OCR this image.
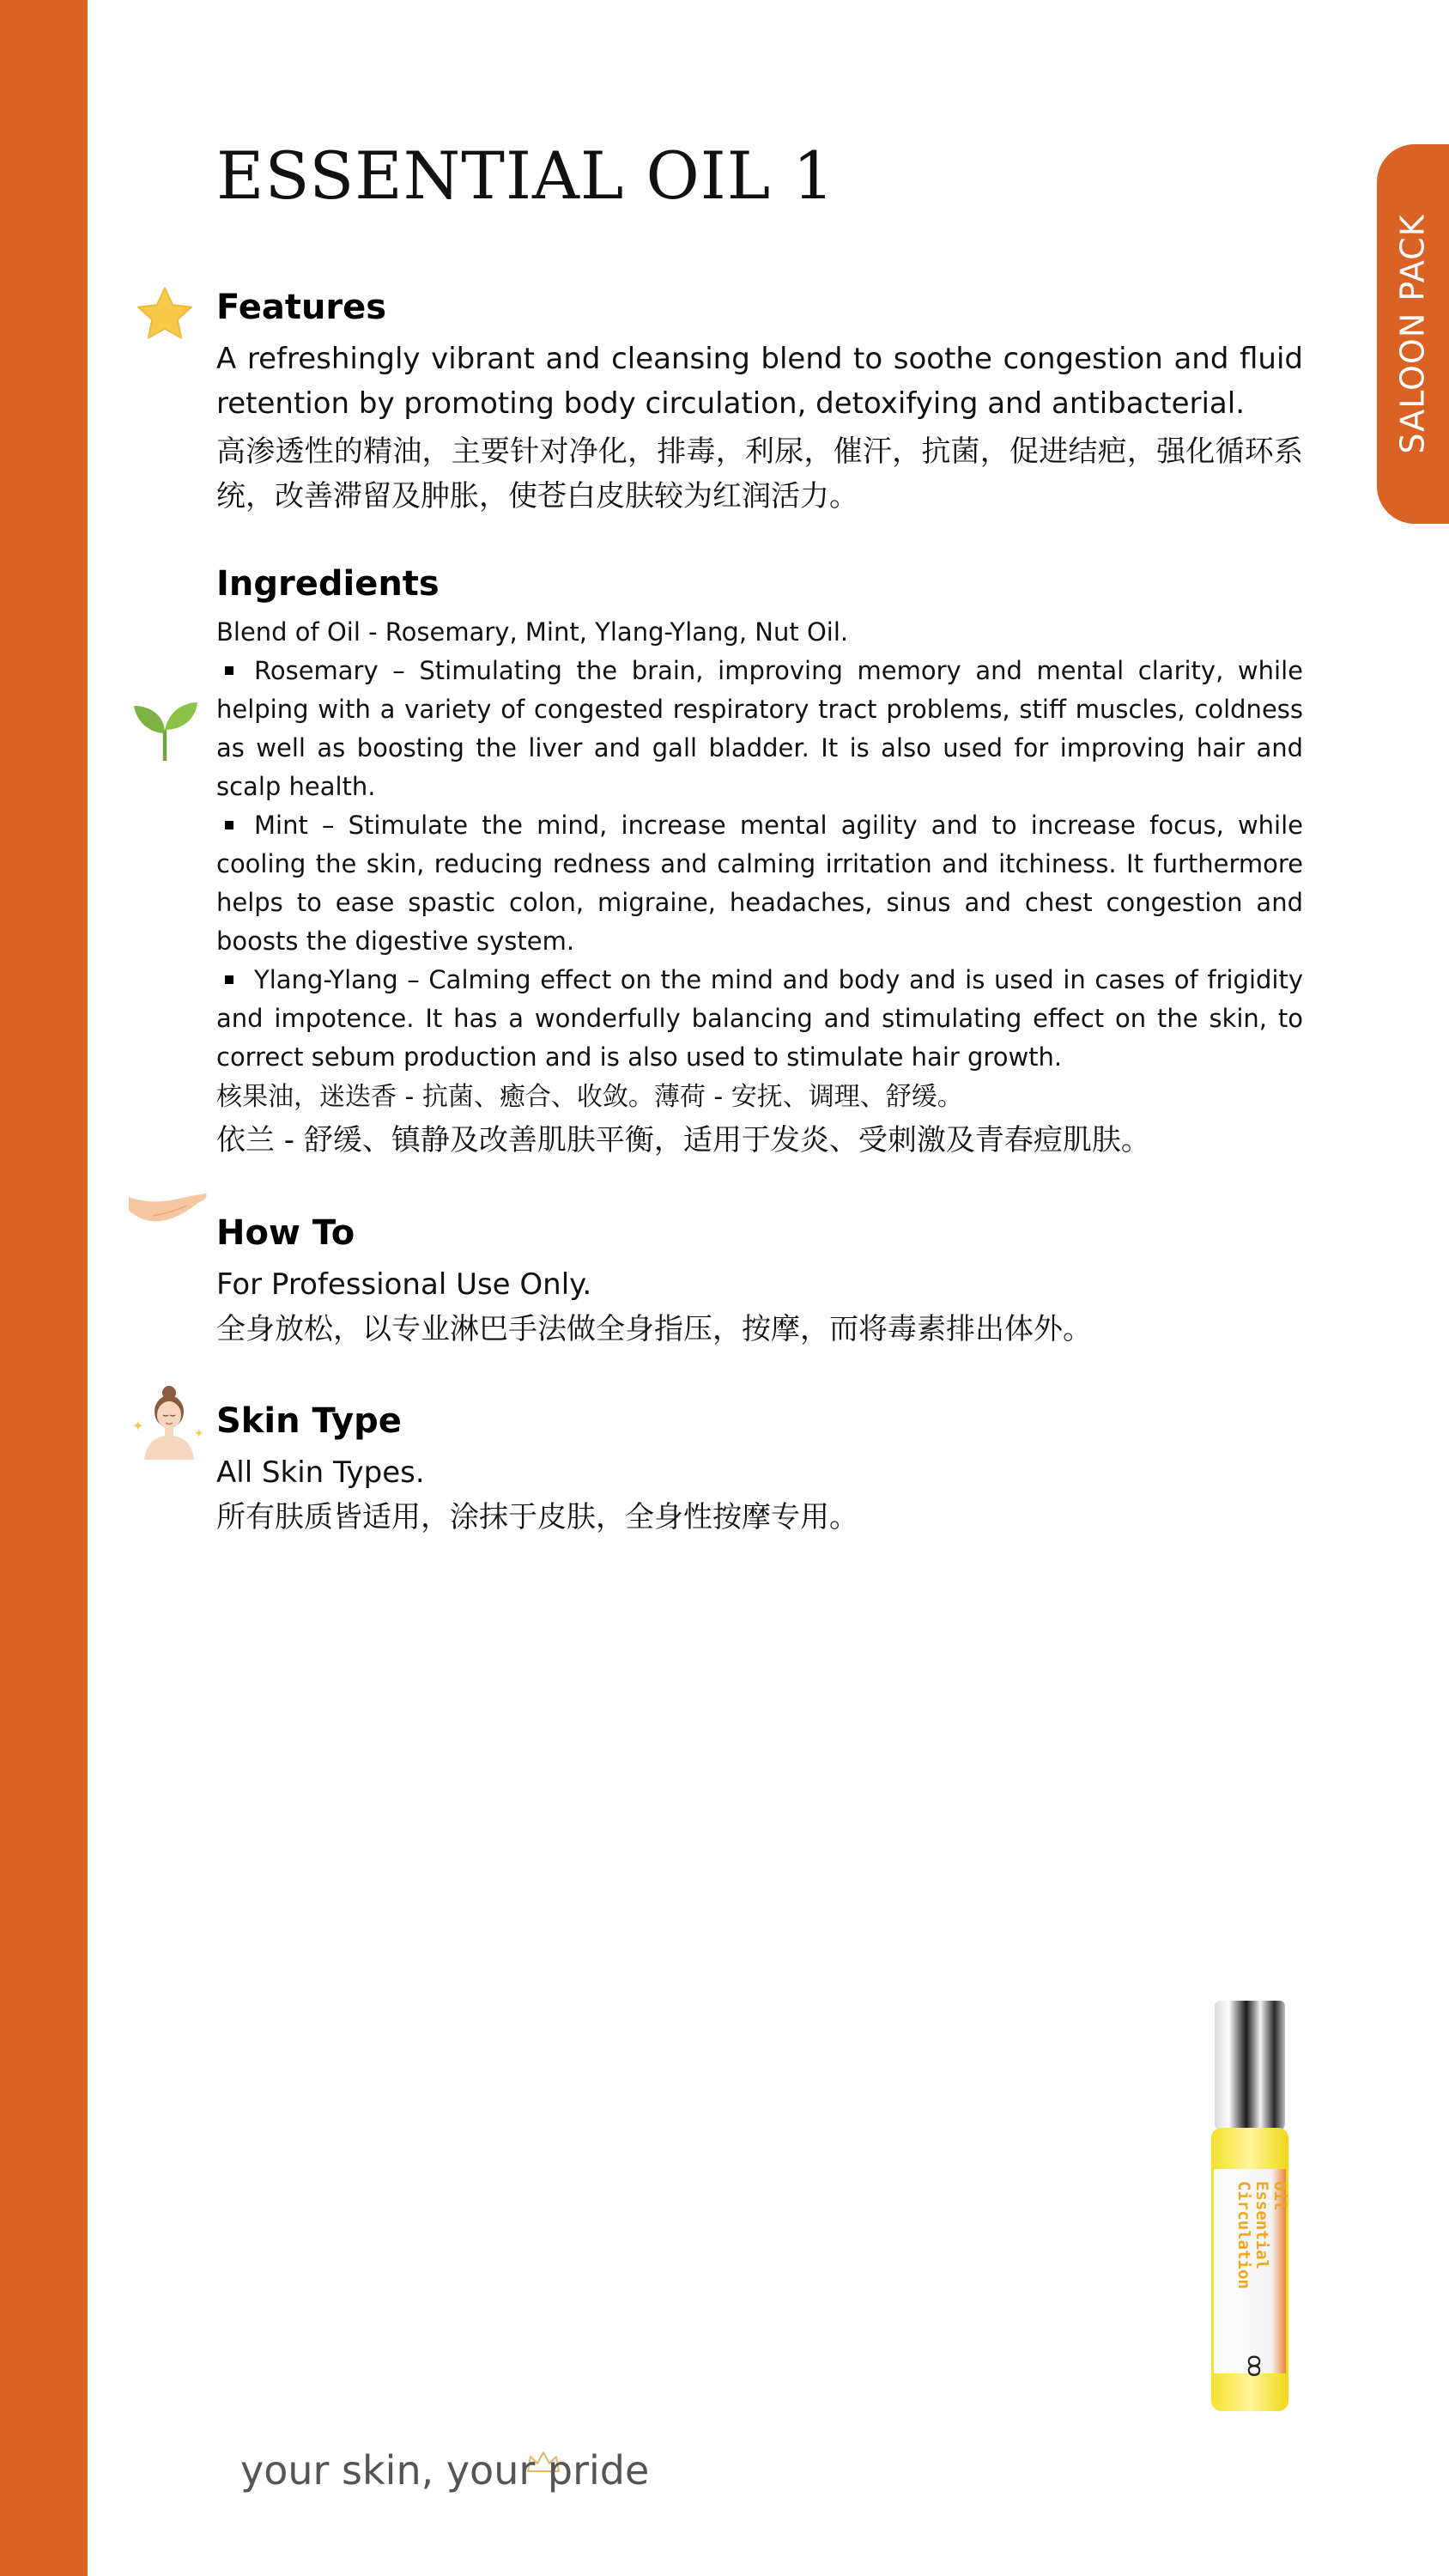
SALOON PACK
ESSENTIAL OIL 1
Features

A refreshingly vibrant and cleansing blend to soothe congestion and fluid retention by promoting body circulation, detoxifying and antibacterial.

高渗透性的精油，主要针对净化，排毒，利尿，催汗，抗菌，促进结疤，强化循环系统，改善滞留及肿胀，使苍白皮肤较为红润活力。

Ingredients

Blend of Oil - Rosemary, Mint, Ylang-Ylang, Nut Oil.

Rosemary – Stimulating the brain, improving memory and mental clarity, while helping with a variety of congested respiratory tract problems, stiff muscles, coldness as well as boosting the liver and gall bladder. It is also used for improving hair and scalp health.

Mint – Stimulate the mind, increase mental agility and to increase focus, while cooling the skin, reducing redness and calming irritation and itchiness. It furthermore helps to ease spastic colon, migraine, headaches, sinus and chest congestion and boosts the digestive system.

Ylang-Ylang – Calming effect on the mind and body and is used in cases of frigidity and impotence. It has a wonderfully balancing and stimulating effect on the skin, to correct sebum production and is also used to stimulate hair growth.

核果油，迷迭香 - 抗菌、癒合、收敛。薄荷 - 安抚、调理、舒缓。

依兰 - 舒缓、镇静及改善肌肤平衡，适用于发炎、受刺激及青春痘肌肤。

How To

For Professional Use Only.

全身放松，以专业淋巴手法做全身指压，按摩，而将毒素排出体外。

✦	✦ Skin Type

All Skin Types.

所有肤质皆适用，涂抹于皮肤，全身性按摩专用。

Circulation Essential Oil
ꝏ

your skin, your pride
